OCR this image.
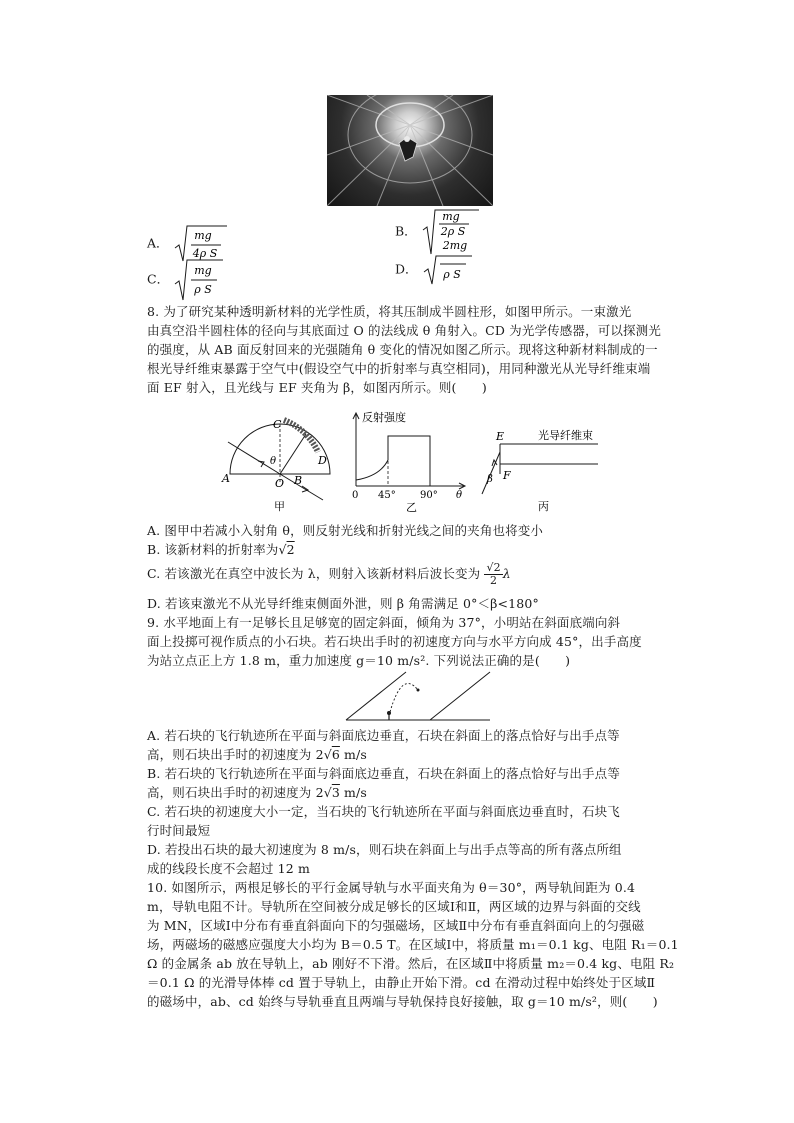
A． mg
4ρ S
B．
mg
2ρ S
2mg
C．
mg
ρ S
D． ρ S
8. 为了研究某种透明新材料的光学性质，将其压制成半圆柱形，如图甲所示。一束激光
由真空沿半圆柱体的径向与其底面过 O 的法线成 θ 角射入。CD 为光学传感器，可以探测光
的强度，从 AB 面反射回来的光强随角 θ 变化的情况如图乙所示。现将这种新材料制成的一
根光导纤维束暴露于空气中(假设空气中的折射率与真空相同)，用同种激光从光导纤维束端
面 EF 射入，且光线与 EF 夹角为 β，如图丙所示。则(　　)
C
θ	D
A	O B
甲
反射强度
0 45° 90° θ
乙
E	光导纤维束
β F
丙
A. 图甲中若减小入射角 θ，则反射光线和折射光线之间的夹角也将变小
B. 该新材料的折射率为√2
C. 若该激光在真空中波长为 λ，则射入该新材料后波长变为 $\frac{√2}{2}$ λ
D. 若该束激光不从光导纤维束侧面外泄，则 β 角需满足 0°＜β<180°
9. 水平地面上有一足够长且足够宽的固定斜面，倾角为 37°，小明站在斜面底端向斜
面上投掷可视作质点的小石块。若石块出手时的初速度方向与水平方向成 45°，出手高度
为站立点正上方 1.8 m，重力加速度 g＝10 m/s². 下列说法正确的是(　　)
A. 若石块的飞行轨迹所在平面与斜面底边垂直，石块在斜面上的落点恰好与出手点等
高，则石块出手时的初速度为 2√6 m/s
B. 若石块的飞行轨迹所在平面与斜面底边垂直，石块在斜面上的落点恰好与出手点等
高，则石块出手时的初速度为 2√3 m/s
C. 若石块的初速度大小一定，当石块的飞行轨迹所在平面与斜面底边垂直时，石块飞
行时间最短
D. 若投出石块的最大初速度为 8 m/s，则石块在斜面上与出手点等高的所有落点所组
成的线段长度不会超过 12 m
10. 如图所示，两根足够长的平行金属导轨与水平面夹角为 θ＝30°，两导轨间距为 0.4
m，导轨电阻不计。导轨所在空间被分成足够长的区域Ⅰ和Ⅱ，两区域的边界与斜面的交线
为 MN，区域Ⅰ中分布有垂直斜面向下的匀强磁场，区域Ⅱ中分布有垂直斜面向上的匀强磁
场，两磁场的磁感应强度大小均为 B＝0.5 T。在区域Ⅰ中，将质量 m₁＝0.1 kg、电阻 R₁＝0.1
Ω 的金属条 ab 放在导轨上，ab 刚好不下滑。然后，在区域Ⅱ中将质量 m₂＝0.4 kg、电阻 R₂
＝0.1 Ω 的光滑导体棒 cd 置于导轨上，由静止开始下滑。cd 在滑动过程中始终处于区域Ⅱ
的磁场中，ab、cd 始终与导轨垂直且两端与导轨保持良好接触，取 g＝10 m/s²，则(　　)
